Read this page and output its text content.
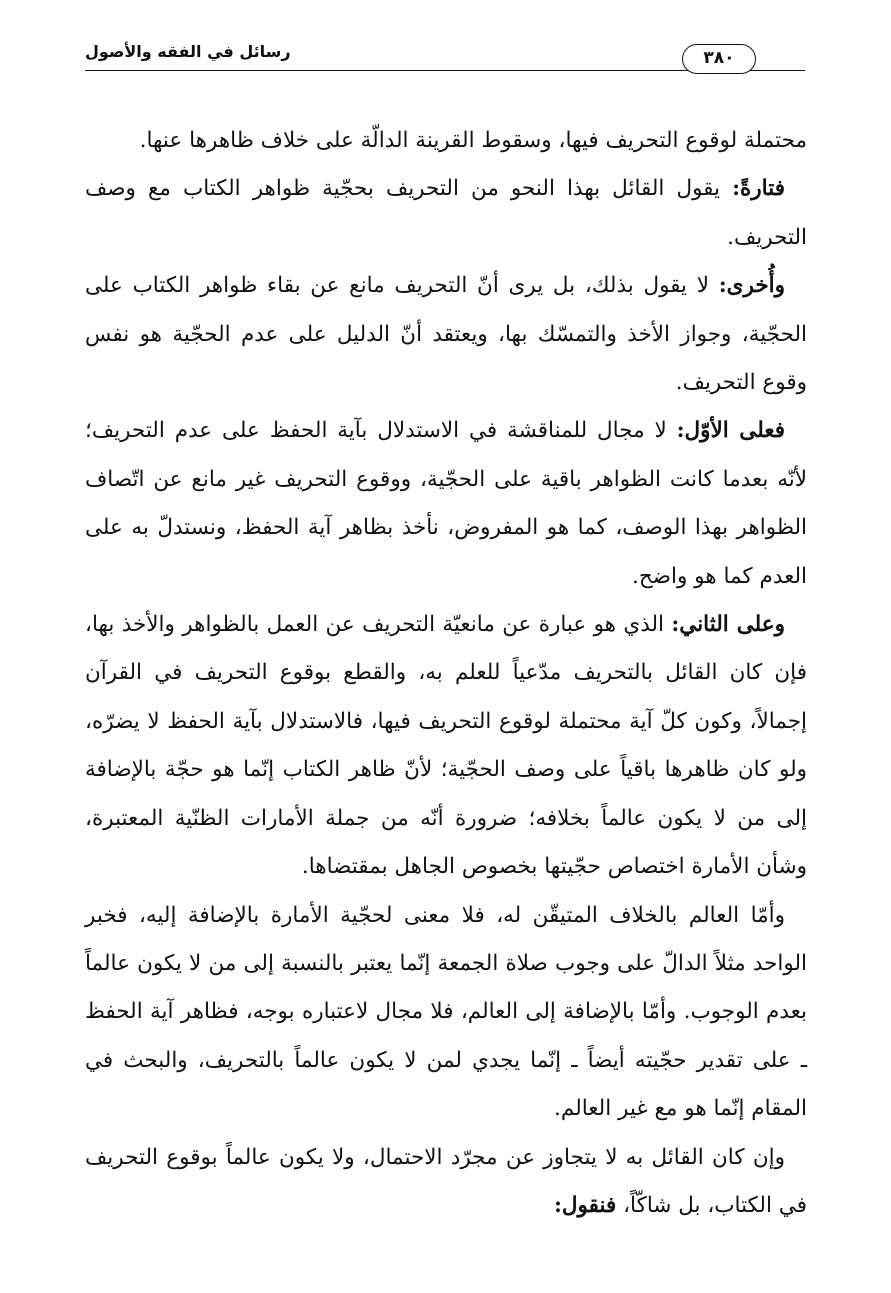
رسائل في الفقه والأصول	٣٨٠

محتملة لوقوع التحريف فيها، وسقوط القرينة الدالّة على خلاف ظاهرها عنها.

فتارةً: يقول القائل بهذا النحو من التحريف بحجّية ظواهر الكتاب مع وصف التحريف.

وأُخرى: لا يقول بذلك، بل يرى أنّ التحريف مانع عن بقاء ظواهر الكتاب على الحجّية، وجواز الأخذ والتمسّك بها، ويعتقد أنّ الدليل على عدم الحجّية هو نفس وقوع التحريف.

فعلى الأوّل: لا مجال للمناقشة في الاستدلال بآية الحفظ على عدم التحريف؛ لأنّه بعدما كانت الظواهر باقية على الحجّية، ووقوع التحريف غير مانع عن اتّصاف الظواهر بهذا الوصف، كما هو المفروض، نأخذ بظاهر آية الحفظ، ونستدلّ به على العدم كما هو واضح.

وعلى الثاني: الذي هو عبارة عن مانعيّة التحريف عن العمل بالظواهر والأخذ بها، فإن كان القائل بالتحريف مدّعياً للعلم به، والقطع بوقوع التحريف في القرآن إجمالاً، وكون كلّ آية محتملة لوقوع التحريف فيها، فالاستدلال بآية الحفظ لا يضرّه، ولو كان ظاهرها باقياً على وصف الحجّية؛ لأنّ ظاهر الكتاب إنّما هو حجّة بالإضافة إلى من لا يكون عالماً بخلافه؛ ضرورة أنّه من جملة الأمارات الظنّية المعتبرة، وشأن الأمارة اختصاص حجّيتها بخصوص الجاهل بمقتضاها.

وأمّا العالم بالخلاف المتيقّن له، فلا معنى لحجّية الأمارة بالإضافة إليه، فخبر الواحد مثلاً الدالّ على وجوب صلاة الجمعة إنّما يعتبر بالنسبة إلى من لا يكون عالماً بعدم الوجوب. وأمّا بالإضافة إلى العالم، فلا مجال لاعتباره بوجه، فظاهر آية الحفظ ـ على تقدير حجّيته أيضاً ـ إنّما يجدي لمن لا يكون عالماً بالتحريف، والبحث في المقام إنّما هو مع غير العالم.

وإن كان القائل به لا يتجاوز عن مجرّد الاحتمال، ولا يكون عالماً بوقوع التحريف في الكتاب، بل شاكّاً، فنقول:
